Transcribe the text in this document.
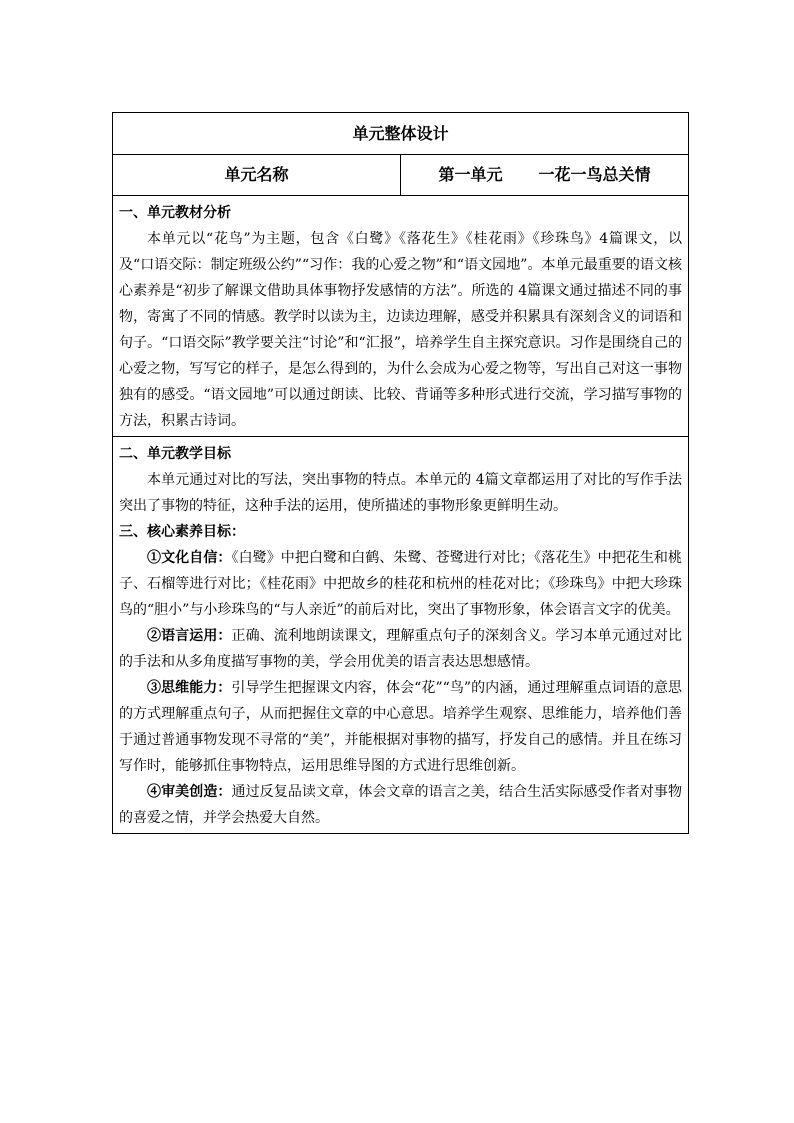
单元整体设计
单元名称	第一单元 一花一鸟总关情

一、单元教材分析

本单元以“花鸟”为主题，包含《白鹭》《落花生》《桂花雨》《珍珠鸟》4篇课文，以及“口语交际：制定班级公约”“习作：我的心爱之物”和“语文园地”。本单元最重要的语文核心素养是“初步了解课文借助具体事物抒发感情的方法”。所选的 4篇课文通过描述不同的事物，寄寓了不同的情感。教学时以读为主，边读边理解，感受并积累具有深刻含义的词语和句子。“口语交际”教学要关注“讨论”和“汇报”，培养学生自主探究意识。习作是围绕自己的心爱之物，写写它的样子，是怎么得到的，为什么会成为心爱之物等，写出自己对这一事物独有的感受。“语文园地”可以通过朗读、比较、背诵等多种形式进行交流，学习描写事物的方法，积累古诗词。

二、单元教学目标

本单元通过对比的写法，突出事物的特点。本单元的 4篇文章都运用了对比的写作手法突出了事物的特征，这种手法的运用，使所描述的事物形象更鲜明生动。

三、核心素养目标：

①文化自信：《白鹭》中把白鹭和白鹤、朱鹭、苍鹭进行对比；《落花生》中把花生和桃子、石榴等进行对比；《桂花雨》中把故乡的桂花和杭州的桂花对比；《珍珠鸟》中把大珍珠鸟的“胆小”与小珍珠鸟的“与人亲近”的前后对比，突出了事物形象，体会语言文字的优美。

②语言运用：正确、流利地朗读课文，理解重点句子的深刻含义。学习本单元通过对比的手法和从多角度描写事物的美，学会用优美的语言表达思想感情。

③思维能力：引导学生把握课文内容，体会“花”“鸟”的内涵，通过理解重点词语的意思的方式理解重点句子，从而把握住文章的中心意思。培养学生观察、思维能力，培养他们善于通过普通事物发现不寻常的“美”，并能根据对事物的描写，抒发自己的感情。并且在练习写作时，能够抓住事物特点，运用思维导图的方式进行思维创新。

④审美创造：通过反复品读文章，体会文章的语言之美，结合生活实际感受作者对事物的喜爱之情，并学会热爱大自然。
